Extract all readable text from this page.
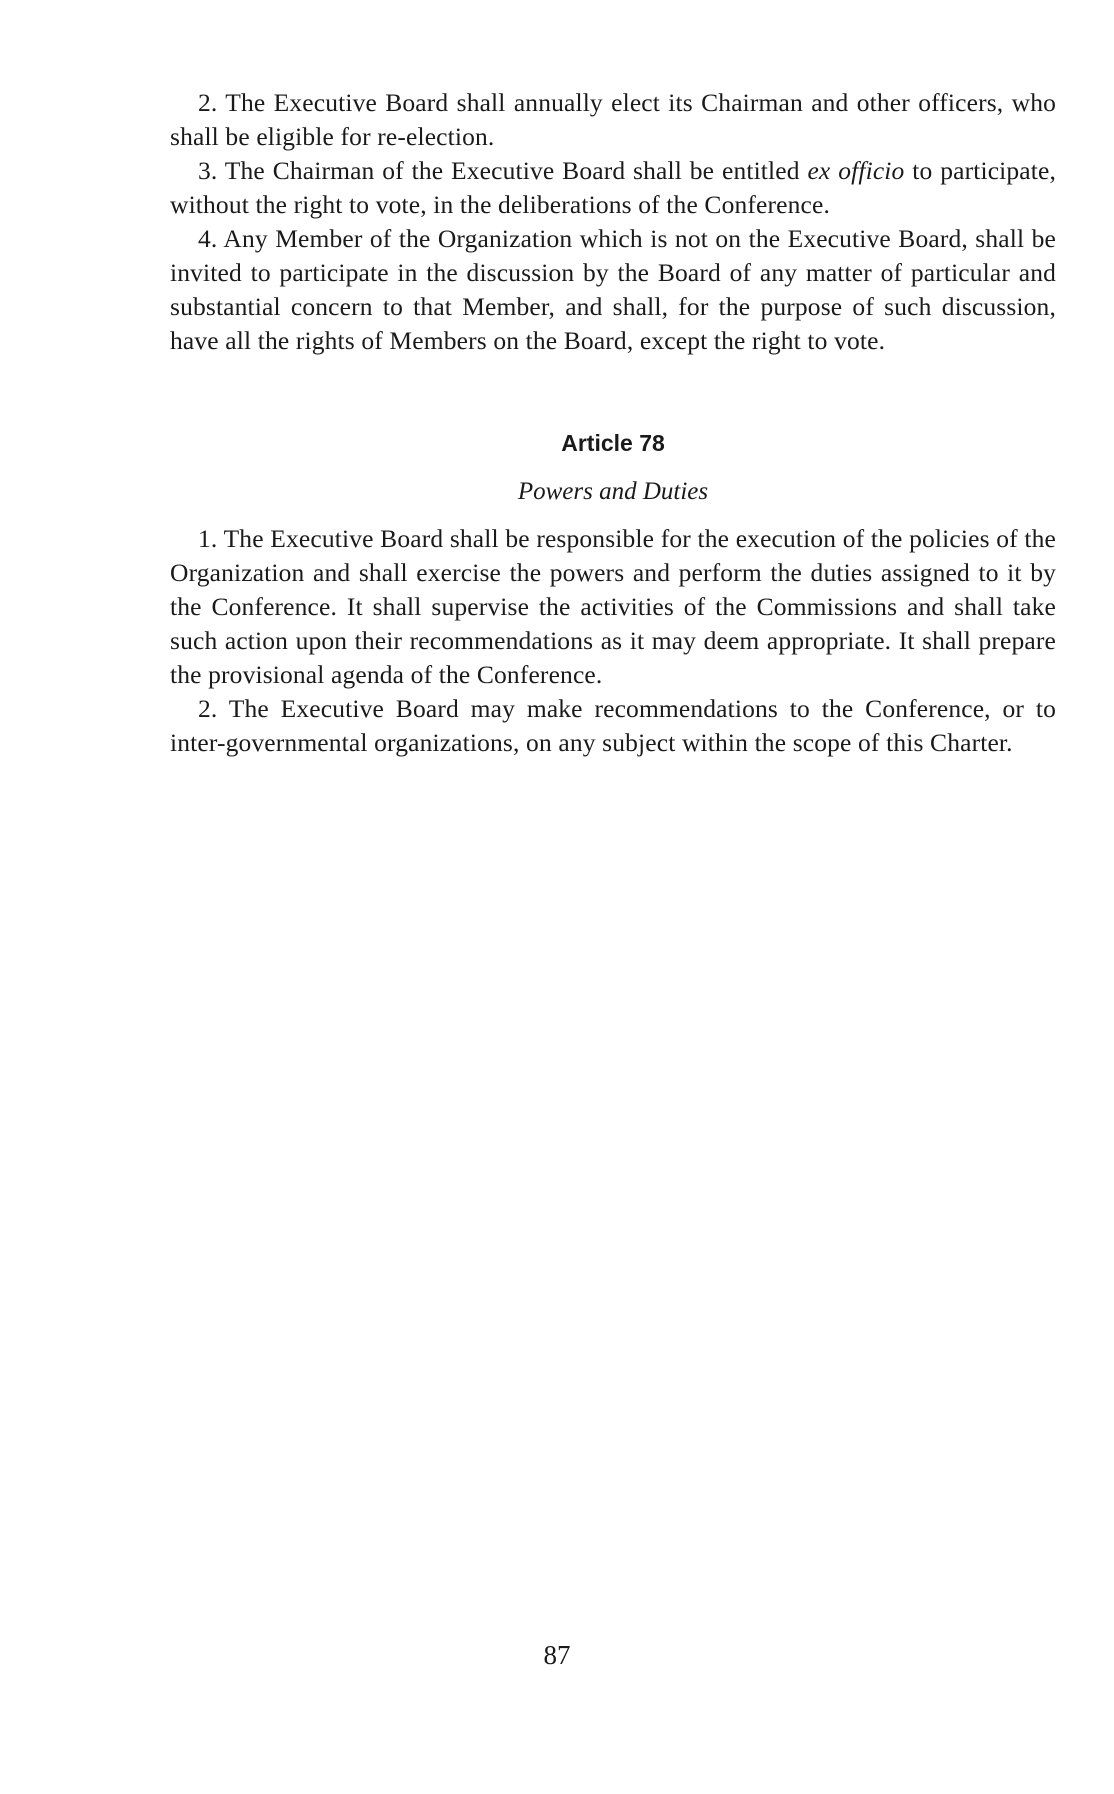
2. The Executive Board shall annually elect its Chairman and other officers, who shall be eligible for re-election.

3. The Chairman of the Executive Board shall be entitled ex officio to participate, without the right to vote, in the deliberations of the Conference.

4. Any Member of the Organization which is not on the Executive Board, shall be invited to participate in the discussion by the Board of any matter of particular and substantial concern to that Member, and shall, for the purpose of such discussion, have all the rights of Members on the Board, except the right to vote.

Article 78
Powers and Duties

1. The Executive Board shall be responsible for the execution of the policies of the Organization and shall exercise the powers and perform the duties assigned to it by the Conference. It shall supervise the activities of the Commissions and shall take such action upon their recommendations as it may deem appropriate. It shall prepare the provisional agenda of the Conference.

2. The Executive Board may make recommendations to the Conference, or to inter-governmental organizations, on any subject within the scope of this Charter.

87
